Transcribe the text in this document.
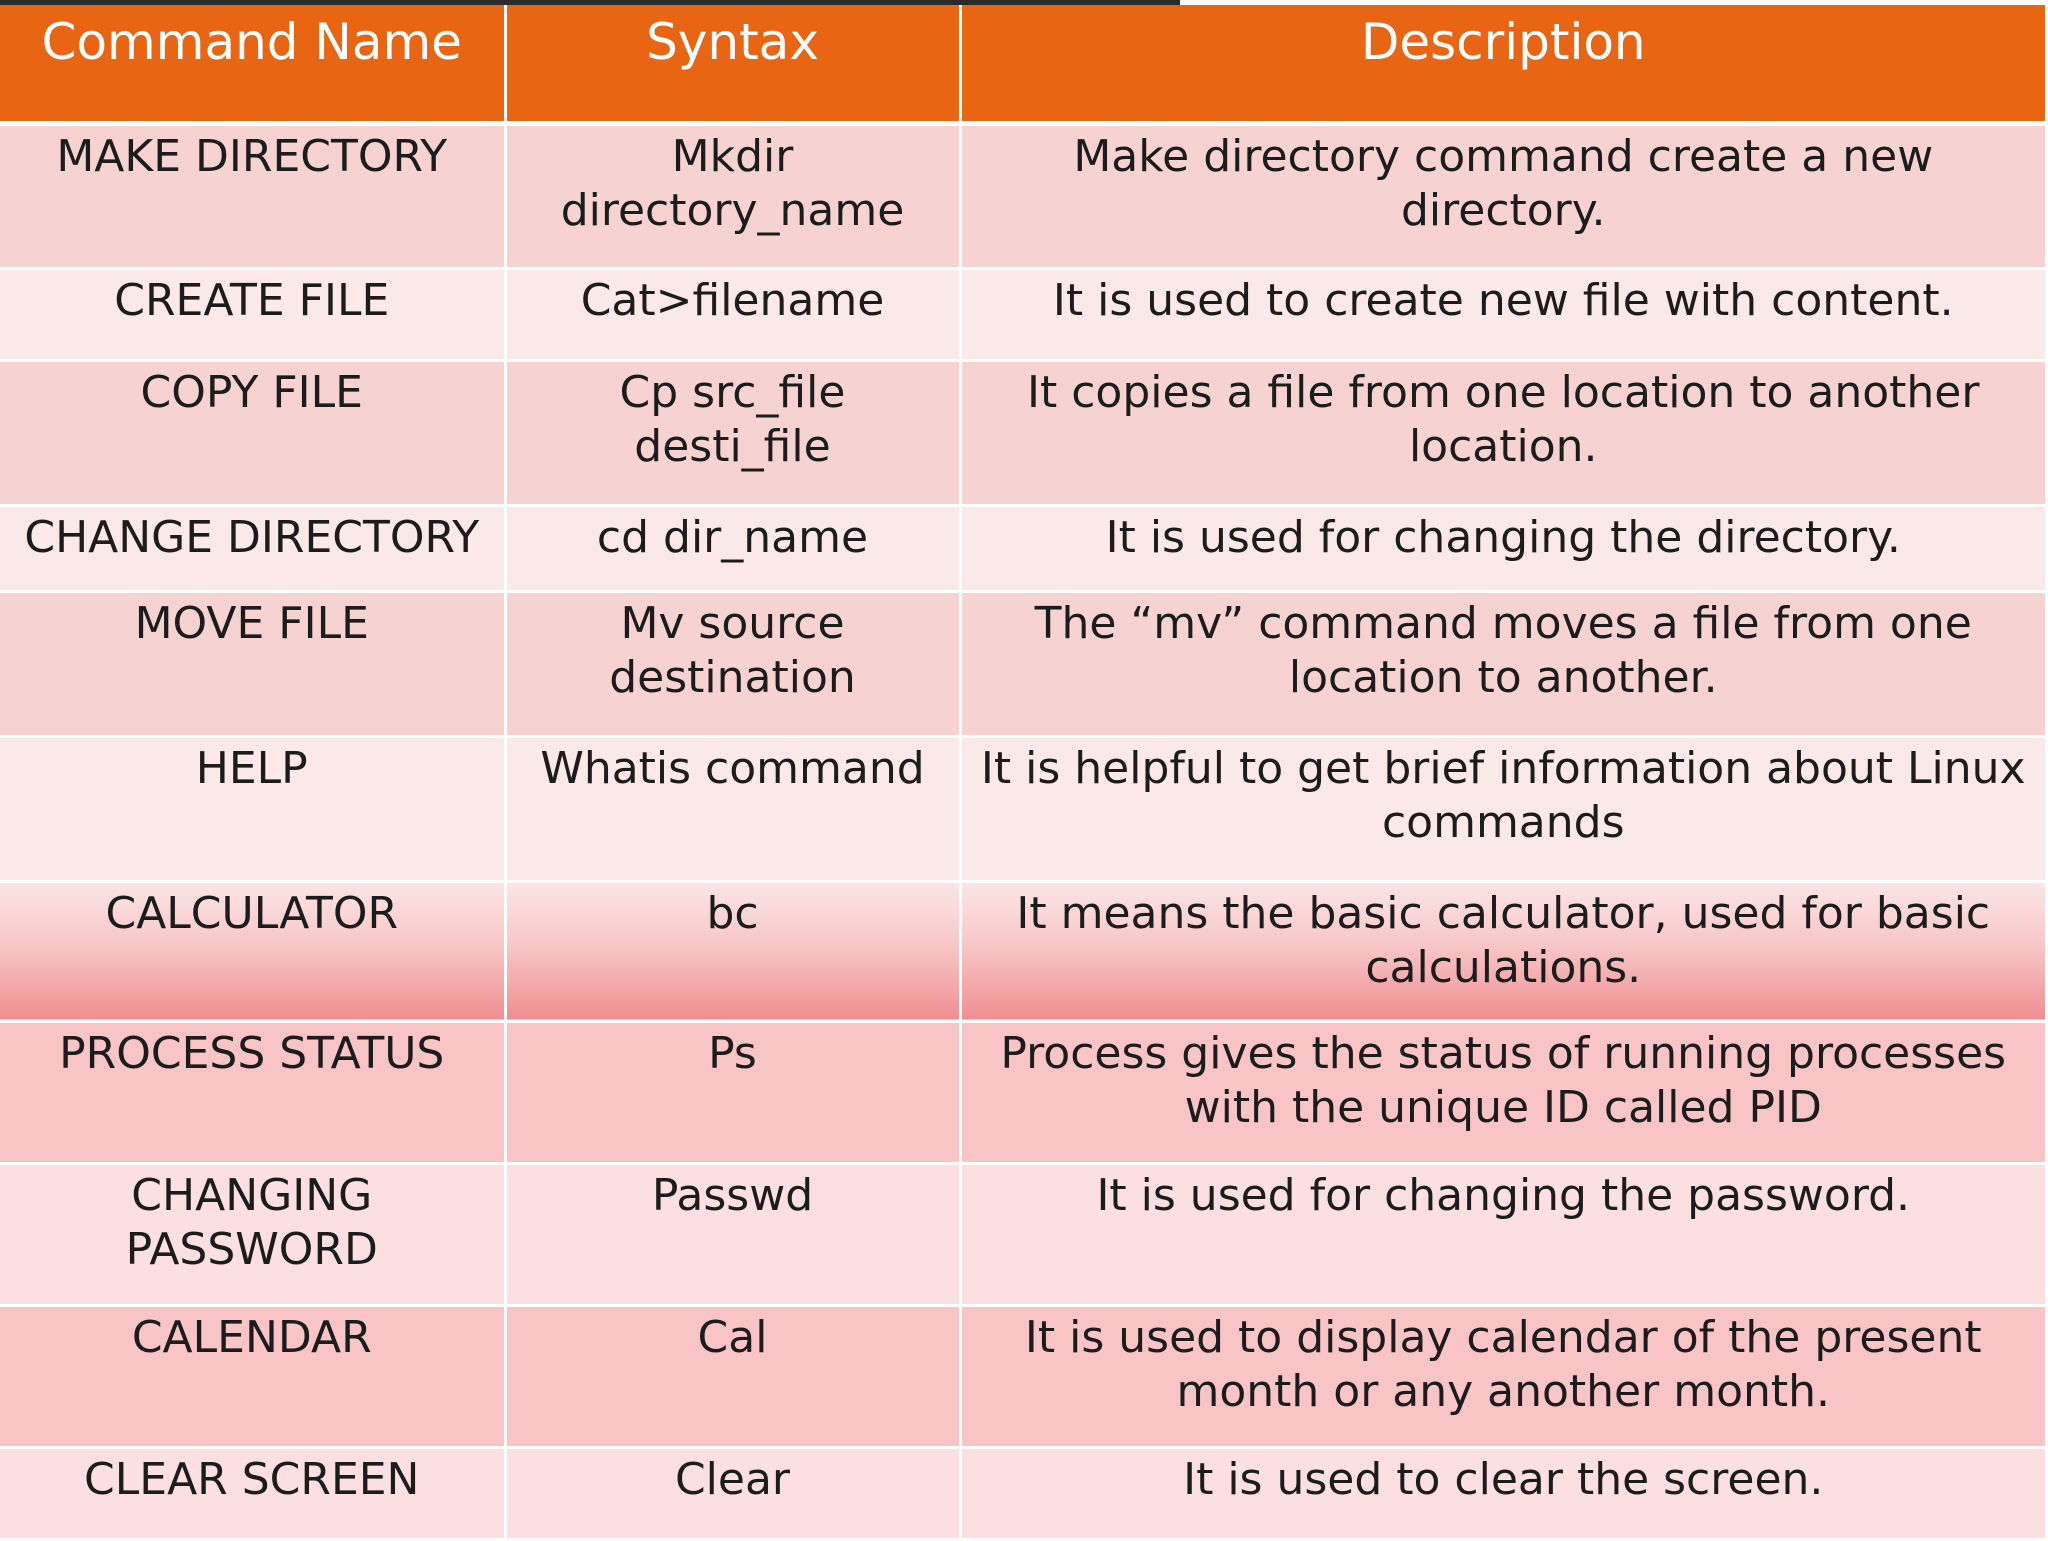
Command Name	Syntax	Description
MAKE DIRECTORY	Mkdir directory_name	Make directory command create a new directory.
CREATE FILE	Cat>filename	It is used to create new file with content.
COPY FILE	Cp src_file desti_file	It copies a file from one location to another location.
CHANGE DIRECTORY	cd dir_name	It is used for changing the directory.
MOVE FILE	Mv source destination	The “mv” command moves a file from one location to another.
HELP	Whatis command	It is helpful to get brief information about Linux commands
CALCULATOR	bc	It means the basic calculator, used for basic calculations.
PROCESS STATUS	Ps	Process gives the status of running processes with the unique ID called PID
CHANGING PASSWORD	Passwd	It is used for changing the password.
CALENDAR	Cal	It is used to display calendar of the present month or any another month.
CLEAR SCREEN	Clear	It is used to clear the screen.
